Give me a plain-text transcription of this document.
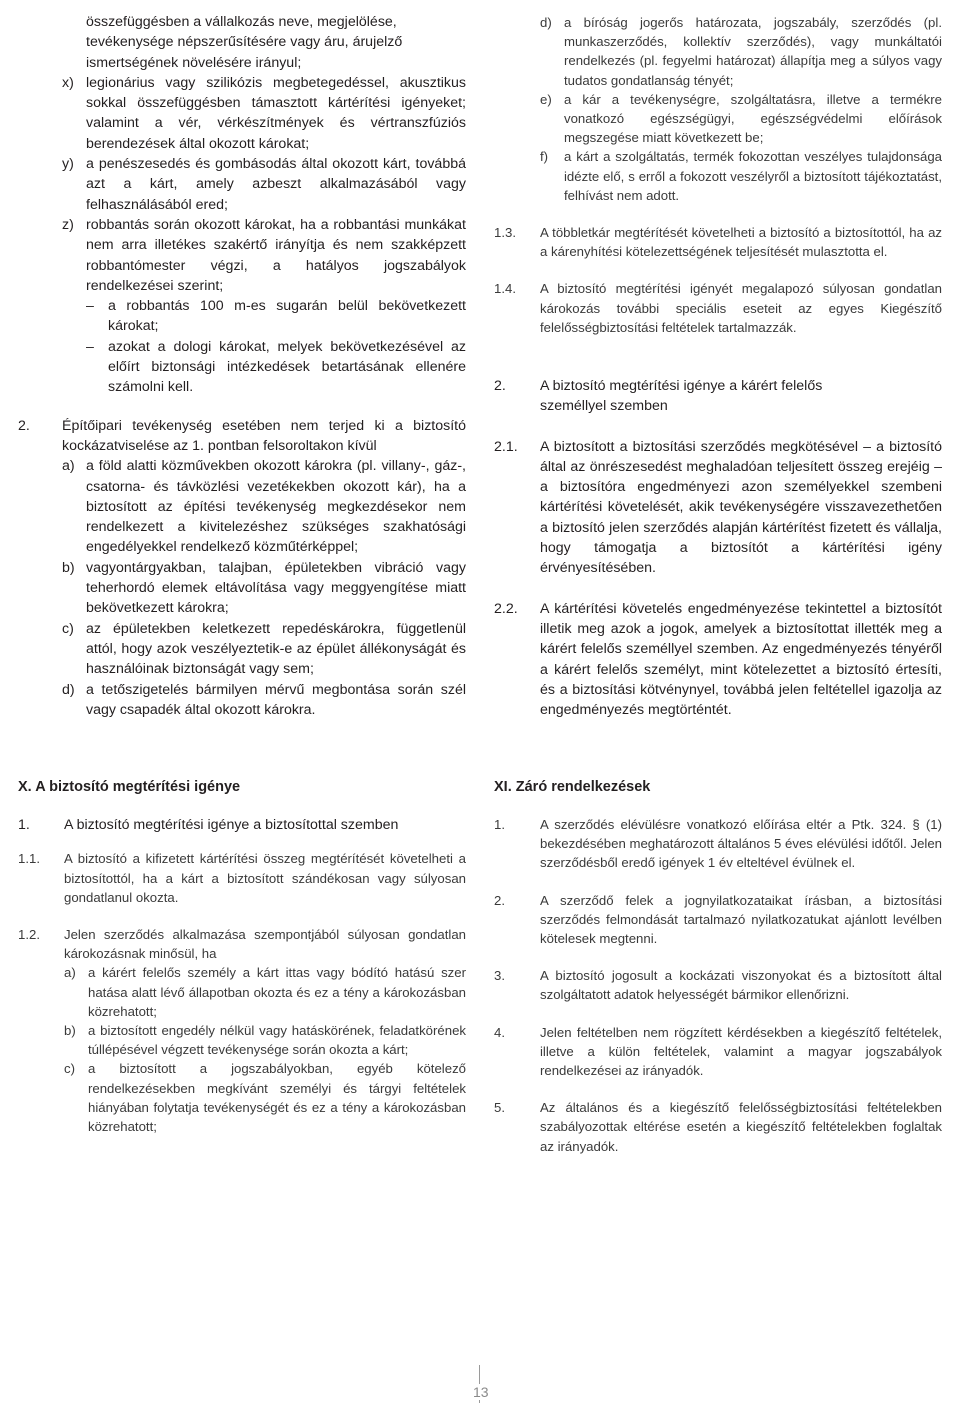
összefüggésben a vállalkozás neve, megjelölése,
tevékenysége népszerűsítésére vagy áru, árujelző
ismertségének növelésére irányul;
x) legionárius vagy szilikózis megbetegedéssel, akusztikus sokkal összefüggésben támasztott kártérítési igényeket; valamint a vér, vérkészítmények és vértranszfúziós berendezések által okozott károkat;
y) a penészesedés és gombásodás által okozott kárt, továbbá azt a kárt, amely azbeszt alkalmazásából vagy felhasználásából ered;
z) robbantás során okozott károkat, ha a robbantási munkákat nem arra illetékes szakértő irányítja és nem szakképzett robbantómester végzi, a hatályos jogszabályok rendelkezései szerint;
– a robbantás 100 m-es sugarán belül bekövetkezett károkat;
– azokat a dologi károkat, melyek bekövetkezésével az előírt biztonsági intézkedések betartásának ellenére számolni kell.
2. Építőipari tevékenység esetében nem terjed ki a biztosító kockázatviselése az 1. pontban felsoroltakon kívül
a) a föld alatti közművekben okozott károkra (pl. villany-, gáz-, csatorna- és távközlési vezetékekben okozott kár), ha a biztosított az építési tevékenység megkezdésekor nem rendelkezett a kivitelezéshez szükséges szakhatósági engedélyekkel rendelkező közműtérképpel;
b) vagyontárgyakban, talajban, épületekben vibráció vagy teherhordó elemek eltávolítása vagy meggyengítése miatt bekövetkezett károkra;
c) az épületekben keletkezett repedéskárokra, függetlenül attól, hogy azok veszélyeztetik-e az épület állékonyságát és használóinak biztonságát vagy sem;
d) a tetőszigetelés bármilyen mérvű megbontása során szél vagy csapadék által okozott károkra.
d) a bíróság jogerős határozata, jogszabály, szerződés (pl. munkaszerződés, kollektív szerződés), vagy munkáltatói rendelkezés (pl. fegyelmi határozat) állapítja meg a súlyos vagy tudatos gondatlanság tényét;
e) a kár a tevékenységre, szolgáltatásra, illetve a termékre vonatkozó egészségügyi, egészségvédelmi előírások megszegése miatt következett be;
f) a kárt a szolgáltatás, termék fokozottan veszélyes tulajdonsága idézte elő, s erről a fokozott veszélyről a biztosított tájékoztatást, felhívást nem adott.
1.3. A többletkár megtérítését követelheti a biztosító a biztosítottól, ha az a kárenyhítési kötelezettségének teljesítését mulasztotta el.
1.4. A biztosító megtérítési igényét megalapozó súlyosan gondatlan károkozás további speciális eseteit az egyes Kiegészítő felelősségbiztosítási feltételek tartalmazzák.
2. A biztosító megtérítési igénye a kárért felelős személlyel szemben
2.1. A biztosított a biztosítási szerződés megkötésével – a biztosító által az önrészesedést meghaladóan teljesített összeg erejéig – a biztosítóra engedményezi azon személyekkel szembeni kártérítési követelését, akik tevékenységére visszavezethetően a biztosító jelen szerződés alapján kártérítést fizetett és vállalja, hogy támogatja a biztosítót a kártérítési igény érvényesítésében.
2.2. A kártérítési követelés engedményezése tekintettel a biztosítót illetik meg azok a jogok, amelyek a biztosítottat illették meg a kárért felelős személlyel szemben. Az engedményezés tényéről a kárért felelős személyt, mint kötelezettet a biztosító értesíti, és a biztosítási kötvénynyel, továbbá jelen feltétellel igazolja az engedményezés megtörténtét.
X. A biztosító megtérítési igénye
1. A biztosító megtérítési igénye a biztosítottal szemben
1.1. A biztosító a kifizetett kártérítési összeg megtérítését követelheti a biztosítottól, ha a kárt a biztosított szándékosan vagy súlyosan gondatlanul okozta.
1.2. Jelen szerződés alkalmazása szempontjából súlyosan gondatlan károkozásnak minősül, ha
a) a kárért felelős személy a kárt ittas vagy bódító hatású szer hatása alatt lévő állapotban okozta és ez a tény a károkozásban közrehatott;
b) a biztosított engedély nélkül vagy hatáskörének, feladatkörének túllépésével végzett tevékenysége során okozta a kárt;
c) a biztosított a jogszabályokban, egyéb kötelező rendelkezésekben megkívánt személyi és tárgyi feltételek hiányában folytatja tevékenységét és ez a tény a károkozásban közrehatott;
XI. Záró rendelkezések
1.	A szerződés elévülésre vonatkozó előírása eltér a Ptk. 324. § (1) bekezdésében meghatározott általános 5 éves elévülési időtől. Jelen szerződésből eredő igények 1 év elteltével évülnek el.
2.	A szerződő felek a jognyilatkozataikat írásban, a biztosítási szerződés felmondását tartalmazó nyilatkozatukat ajánlott levélben kötelesek megtenni.
3.	A biztosító jogosult a kockázati viszonyokat és a biztosított által szolgáltatott adatok helyességét bármikor ellenőrizni.
4.	Jelen feltételben nem rögzített kérdésekben a kiegészítő feltételek, illetve a külön feltételek, valamint a magyar jogszabályok rendelkezései az irányadók.
5.	Az általános és a kiegészítő felelősségbiztosítási feltételekben szabályozottak eltérése esetén a kiegészítő feltételekben foglaltak az irányadók.
13
